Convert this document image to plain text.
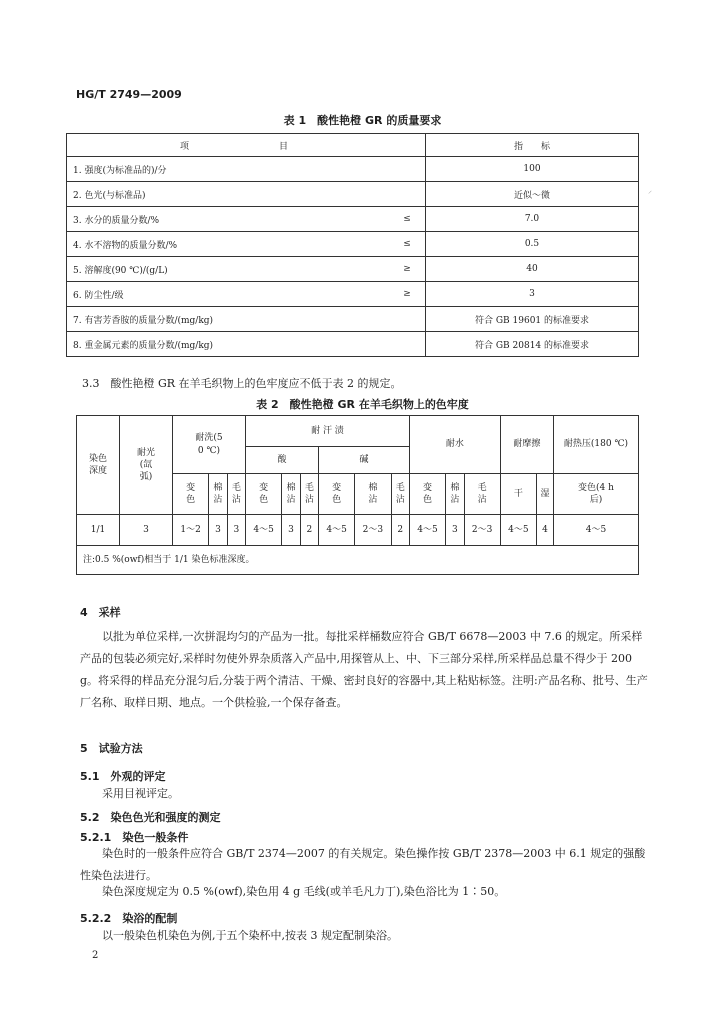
HG/T 2749—2009
表 1　酸性艳橙 GR 的质量要求
项　　目		指　　标
1. 强度(为标准品的)/分		100
2. 色光(与标准品)		近似～微
3. 水分的质量分数/%	≤	7.0
4. 水不溶物的质量分数/%	≤	0.5
5. 溶解度(90 ℃)/(g/L)	≥	40
6. 防尘性/级	≥	3
7. 有害芳香胺的质量分数/(mg/kg)		符合 GB 19601 的标准要求
8. 重金属元素的质量分数/(mg/kg)		符合 GB 20814 的标准要求
⸝
3.3　酸性艳橙 GR 在羊毛织物上的色牢度应不低于表 2 的规定。
表 2　酸性艳橙 GR 在羊毛织物上的色牢度
染色深度	耐光(氙弧)	耐洗(50 ℃)			耐 汗 渍						耐水			耐摩擦		耐热压(180 ℃)
					酸			碱								
		变色	棉沾	毛沾	变色	棉沾	毛沾	变色	棉沾	毛沾	变色	棉沾	毛沾	干	湿	变色(4 h后)
1/1	3	1～2	3	3	4～5	3	2	4～5	2～3	2	4～5	3	2～3	4～5	4	4～5
注:0.5 %(owf)相当于 1/1 染色标准深度。																
4　采样
以批为单位采样,一次拼混均匀的产品为一批。每批采样桶数应符合 GB/T 6678—2003 中 7.6 的规定。所采样产品的包装必须完好,采样时勿使外界杂质落入产品中,用探管从上、中、下三部分采样,所采样品总量不得少于 200 g。将采得的样品充分混匀后,分装于两个清洁、干燥、密封良好的容器中,其上粘贴标签。注明:产品名称、批号、生产厂名称、取样日期、地点。一个供检验,一个保存备查。
5　试验方法
5.1　外观的评定
采用目视评定。
5.2　染色色光和强度的测定
5.2.1　染色一般条件
染色时的一般条件应符合 GB/T 2374—2007 的有关规定。染色操作按 GB/T 2378—2003 中 6.1 规定的强酸性染色法进行。
染色深度规定为 0.5 %(owf),染色用 4 g 毛线(或羊毛凡力丁),染色浴比为 1∶50。
5.2.2　染浴的配制
以一般染色机染色为例,于五个染杯中,按表 3 规定配制染浴。
2
